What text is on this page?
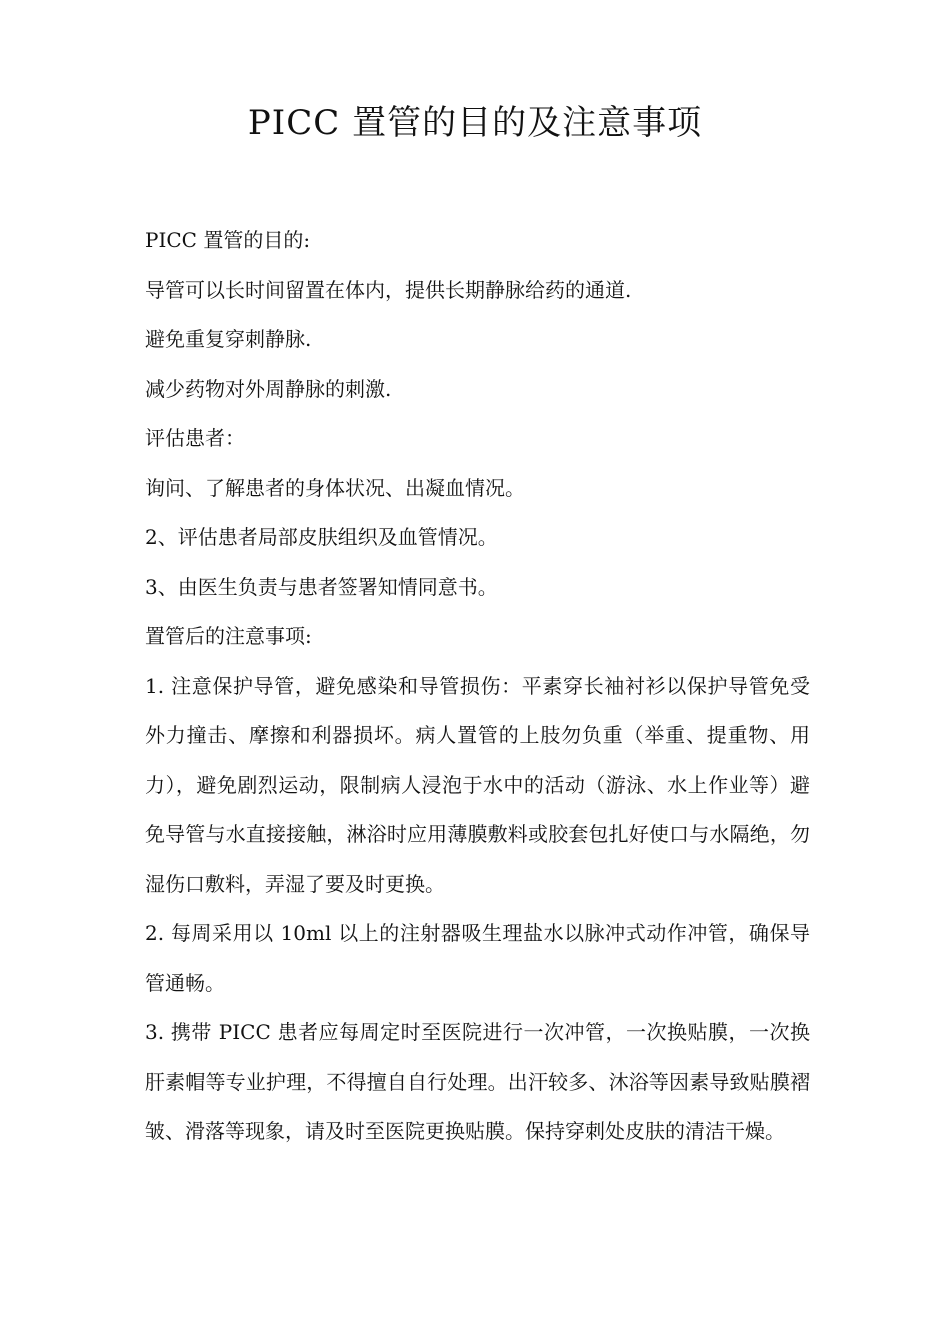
PICC 置管的目的及注意事项

PICC 置管的目的:

导管可以长时间留置在体内，提供长期静脉给药的通道.

避免重复穿刺静脉.

减少药物对外周静脉的刺激.

评估患者：

询问、了解患者的身体状况、出凝血情况。

2、评估患者局部皮肤组织及血管情况。

3、由医生负责与患者签署知情同意书。

置管后的注意事项:

1. 注意保护导管，避免感染和导管损伤：平素穿长袖衬衫以保护导管免受外力撞击、摩擦和利器损坏。病人置管的上肢勿负重（举重、提重物、用力），避免剧烈运动，限制病人浸泡于水中的活动（游泳、水上作业等）避免导管与水直接接触，淋浴时应用薄膜敷料或胶套包扎好使口与水隔绝，勿湿伤口敷料，弄湿了要及时更换。

2. 每周采用以 10ml 以上的注射器吸生理盐水以脉冲式动作冲管，确保导管通畅。

3. 携带 PICC 患者应每周定时至医院进行一次冲管，一次换贴膜，一次换肝素帽等专业护理，不得擅自自行处理。出汗较多、沐浴等因素导致贴膜褶皱、滑落等现象，请及时至医院更换贴膜。保持穿刺处皮肤的清洁干燥。
